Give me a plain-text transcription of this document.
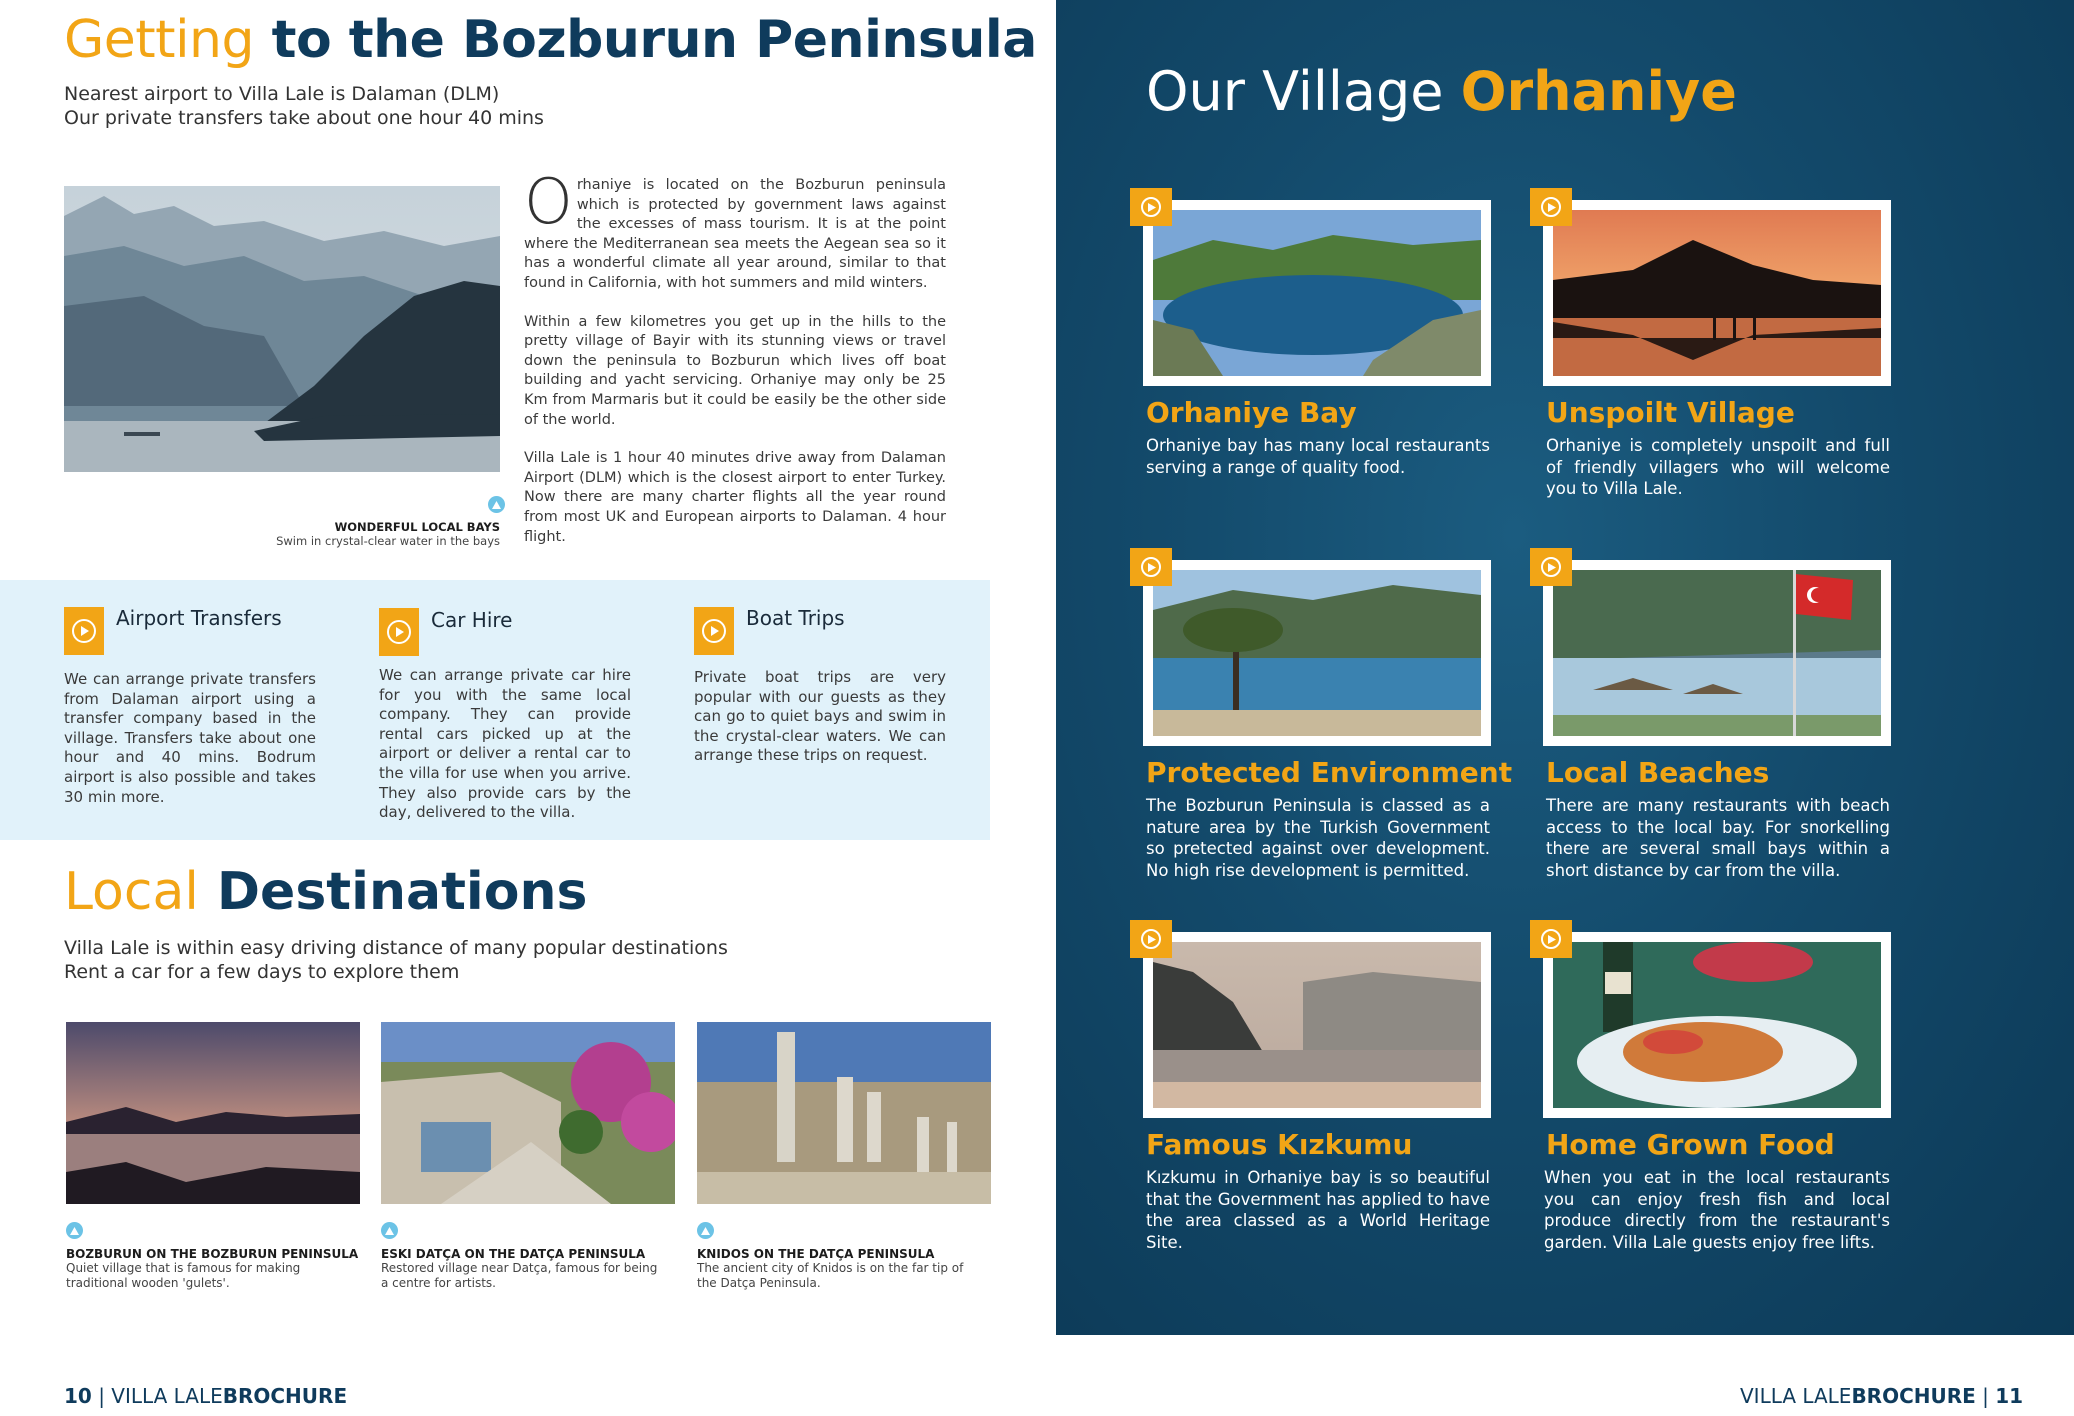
Getting to the Bozburun Peninsula
Nearest airport to Villa Lale is Dalaman (DLM)
Our private transfers take about one hour 40 mins
WONDERFUL LOCAL BAYS
Swim in crystal-clear water in the bays

Orhaniye is located on the Bozburun peninsula which is protected by government laws against the excesses of mass tourism. It is at the point where the Mediterranean sea meets the Aegean sea so it has a wonderful climate all year around, similar to that found in California, with hot summers and mild winters.

Within a few kilometres you get up in the hills to the pretty village of Bayir with its stunning views or travel down the peninsula to Bozburun which lives off boat building and yacht servicing. Orhaniye may only be 25 Km from Marmaris but it could be easily be the other side of the world.

Villa Lale is 1 hour 40 minutes drive away from Dalaman Airport (DLM) which is the closest airport to enter Turkey. Now there are many charter flights all the year round from most UK and European airports to Dalaman. 4 hour flight.

Airport Transfers
We can arrange private transfers from Dalaman airport using a transfer company based in the village. Transfers take about one hour and 40 mins. Bodrum airport is also possible and takes 30 min more.
Car Hire
We can arrange private car hire for you with the same local company. They can provide rental cars picked up at the airport or deliver a rental car to the villa for use when you arrive. They also provide cars by the day, delivered to the villa.
Boat Trips
Private boat trips are very popular with our guests as they can go to quiet bays and swim in the crystal-clear waters. We can arrange these trips on request.
Local Destinations
Villa Lale is within easy driving distance of many popular destinations
Rent a car for a few days to explore them
BOZBURUN ON THE BOZBURUN PENINSULA
Quiet village that is famous for making traditional wooden 'gulets'.
ESKI DATÇA ON THE DATÇA PENINSULA
Restored village near Datça, famous for being a centre for artists.
KNIDOS ON THE DATÇA PENINSULA
The ancient city of Knidos is on the far tip of the Datça Peninsula.
10 | VILLA LALEBROCHURE
Our Village Orhaniye
Orhaniye Bay
Orhaniye bay has many local restaurants serving a range of quality food.
Unspoilt Village
Orhaniye is completely unspoilt and full of friendly villagers who will welcome you to Villa Lale.
Protected Environment
The Bozburun Peninsula is classed as a nature area by the Turkish Government so pretected against over development. No high rise development is permitted.
Local Beaches
There are many restaurants with beach access to the local bay. For snorkelling there are several small bays within a short distance by car from the villa.
Famous Kızkumu
Kızkumu in Orhaniye bay is so beautiful that the Government has applied to have the area classed as a World Heritage Site.
Home Grown Food
When you eat in the local restaurants you can enjoy fresh fish and local produce directly from the restaurant's garden. Villa Lale guests enjoy free lifts.
VILLA LALEBROCHURE | 11
